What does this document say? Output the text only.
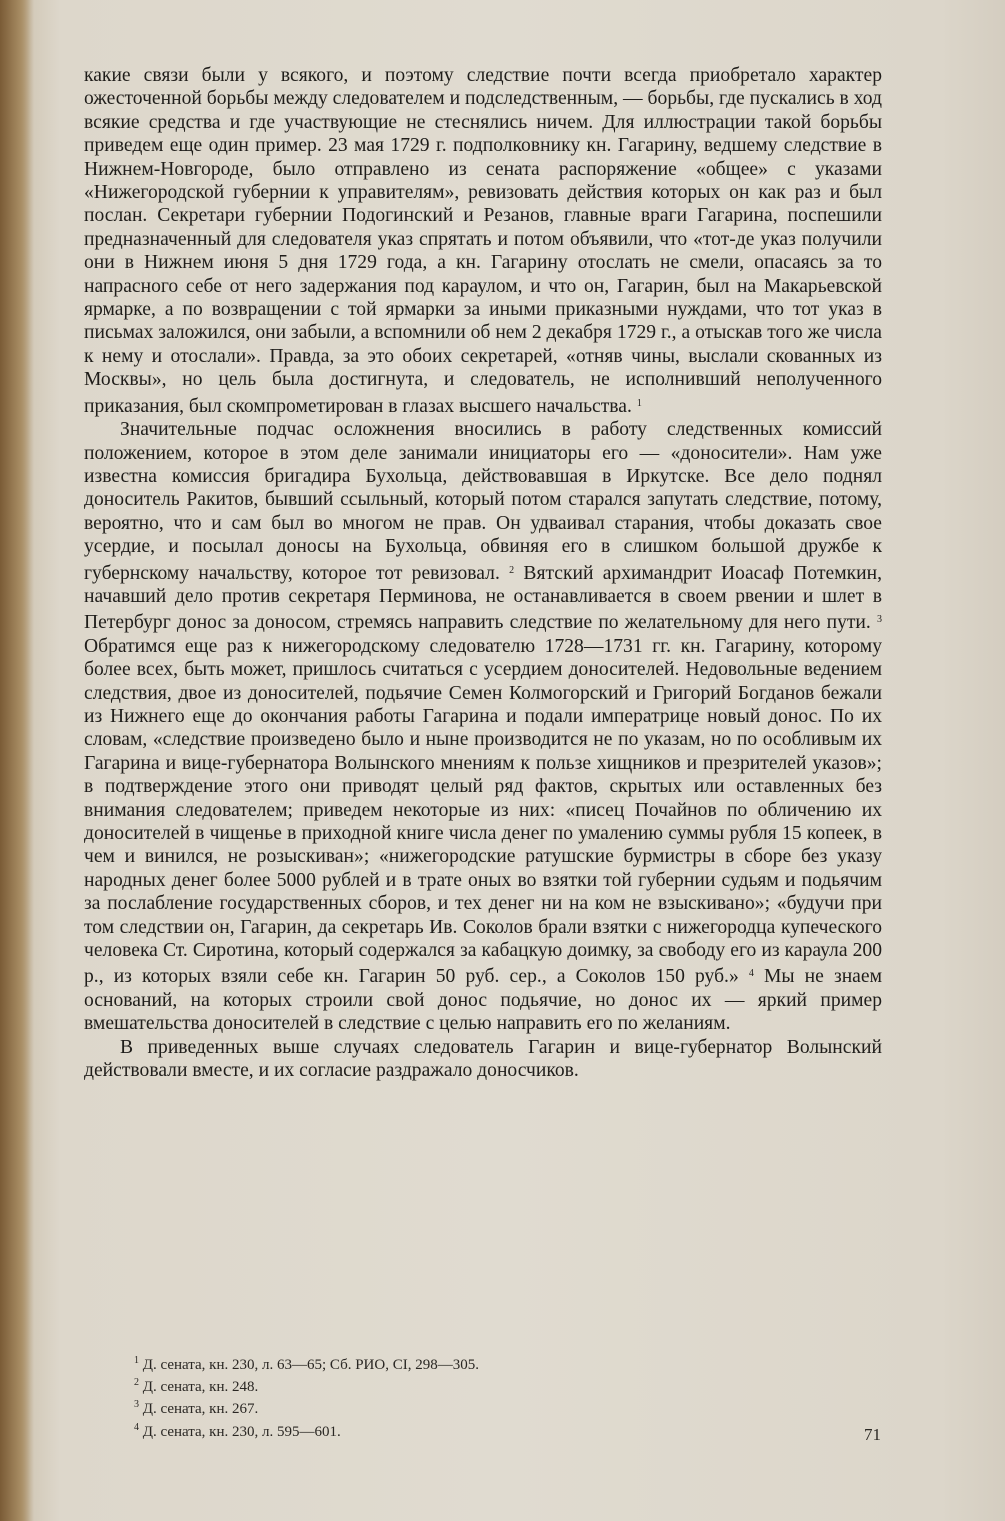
какие связи были у всякого, и поэтому следствие почти всегда приобретало характер ожесточенной борьбы между следователем и подследственным, — борьбы, где пускались в ход всякие средства и где участвующие не стеснялись ничем. Для иллюстрации такой борьбы приведем еще один пример. 23 мая 1729 г. подполковнику кн. Гагарину, ведшему следствие в Нижнем-Новгороде, было отправлено из сената распоряжение «общее» с указами «Нижегородской губернии к управителям», ревизовать действия которых он как раз и был послан. Секретари губернии Подогинский и Резанов, главные враги Гагарина, поспешили предназначенный для следователя указ спрятать и потом объявили, что «тот-де указ получили они в Нижнем июня 5 дня 1729 года, а кн. Гагарину отослать не смели, опасаясь за то напрасного себе от него задержания под караулом, и что он, Гагарин, был на Макарьевской ярмарке, а по возвращении с той ярмарки за иными приказными нуждами, что тот указ в письмах заложился, они забыли, а вспомнили об нем 2 декабря 1729 г., а отыскав того же числа к нему и отослали». Правда, за это обоих секретарей, «отняв чины, выслали скованных из Москвы», но цель была достигнута, и следователь, не исполнивший неполученного приказания, был скомпрометирован в глазах высшего начальства. $^1$

Значительные подчас осложнения вносились в работу следственных комиссий положением, которое в этом деле занимали инициаторы его — «доносители». Нам уже известна комиссия бригадира Бухольца, действовавшая в Иркутске. Все дело поднял доноситель Ракитов, бывший ссыльный, который потом старался запутать следствие, потому, вероятно, что и сам был во многом не прав. Он удваивал старания, чтобы доказать свое усердие, и посылал доносы на Бухольца, обвиняя его в слишком большой дружбе к губернскому начальству, которое тот ревизовал. $^2$ Вятский архимандрит Иоасаф Потемкин, начавший дело против секретаря Перминова, не останавливается в своем рвении и шлет в Петербург донос за доносом, стремясь направить следствие по желательному для него пути. $^3$ Обратимся еще раз к нижегородскому следователю 1728—1731 гг. кн. Гагарину, которому более всех, быть может, пришлось считаться с усердием доносителей. Недовольные ведением следствия, двое из доносителей, подьячие Семен Колмогорский и Григорий Богданов бежали из Нижнего еще до окончания работы Гагарина и подали императрице новый донос. По их словам, «следствие произведено было и ныне производится не по указам, но по особливым их Гагарина и вице-губернатора Волынского мнениям к пользе хищников и презрителей указов»; в подтверждение этого они приводят целый ряд фактов, скрытых или оставленных без внимания следователем; приведем некоторые из них: «писец Почайнов по обличению их доносителей в чищенье в приходной книге числа денег по умалению суммы рубля 15 копеек, в чем и винился, не розыскиван»; «нижегородские ратушские бурмистры в сборе без указу народных денег более 5000 рублей и в трате оных во взятки той губернии судьям и подьячим за послабление государственных сборов, и тех денег ни на ком не взыскивано»; «будучи при том следствии он, Гагарин, да секретарь Ив. Соколов брали взятки с нижегородца купеческого человека Ст. Сиротина, который содержался за кабацкую доимку, за свободу его из караула 200 р., из которых взяли себе кн. Гагарин 50 руб. сер., а Соколов 150 руб.» $^4$ Мы не знаем оснований, на которых строили свой донос подьячие, но донос их — яркий пример вмешательства доносителей в следствие с целью направить его по желаниям.

В приведенных выше случаях следователь Гагарин и вице-губернатор Волынский действовали вместе, и их согласие раздражало доносчиков.

$^1$ Д. сената, кн. 230, л. 63—65; Сб. РИО, CI, 298—305.
$^2$ Д. сената, кн. 248.
$^3$ Д. сената, кн. 267.
$^4$ Д. сената, кн. 230, л. 595—601.	71
